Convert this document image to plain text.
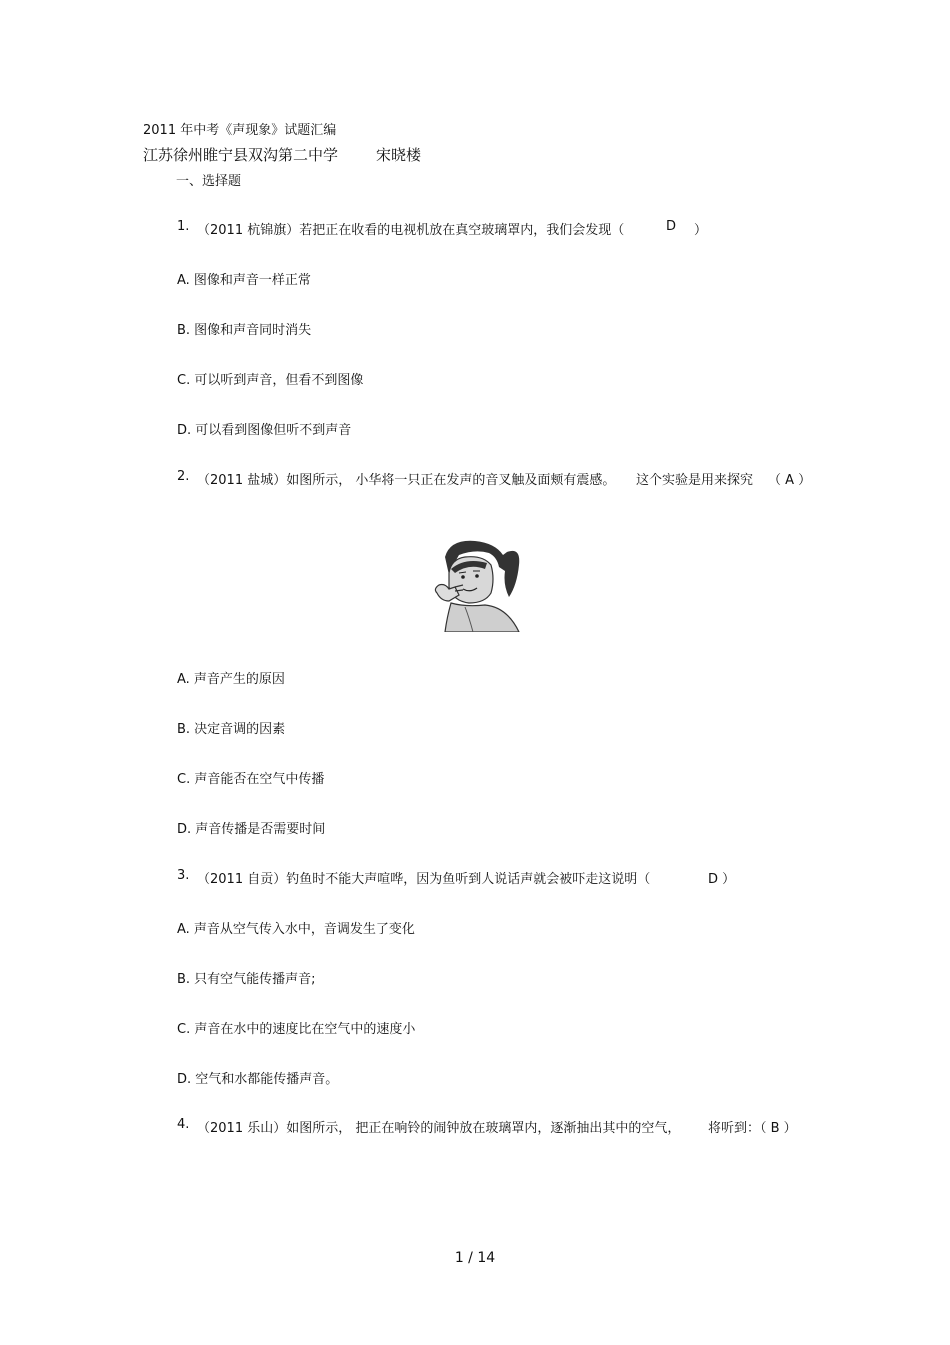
2011 年中考《声现象》试题汇编
江苏徐州睢宁县双沟第二中学	宋晓楼
一、选择题
1. （2011 杭锦旗）若把正在收看的电视机放在真空玻璃罩内，我们会发现（	D ）
A. 图像和声音一样正常
B. 图像和声音同时消失
C. 可以听到声音，但看不到图像
D. 可以看到图像但听不到声音
2. （2011 盐城）如图所示， 小华将一只正在发声的音叉触及面颊有震感。 这个实验是用来探究 （ A ）
A. 声音产生的原因
B. 决定音调的因素
C. 声音能否在空气中传播
D. 声音传播是否需要时间
3. （2011 自贡）钓鱼时不能大声喧哗，因为鱼听到人说话声就会被吓走这说明（	D ）
A. 声音从空气传入水中，音调发生了变化
B. 只有空气能传播声音;
C. 声音在水中的速度比在空气中的速度小
D. 空气和水都能传播声音。
4. （2011 乐山）如图所示， 把正在响铃的闹钟放在玻璃罩内，逐渐抽出其中的空气， 将听到：（ B ）
1 / 14
